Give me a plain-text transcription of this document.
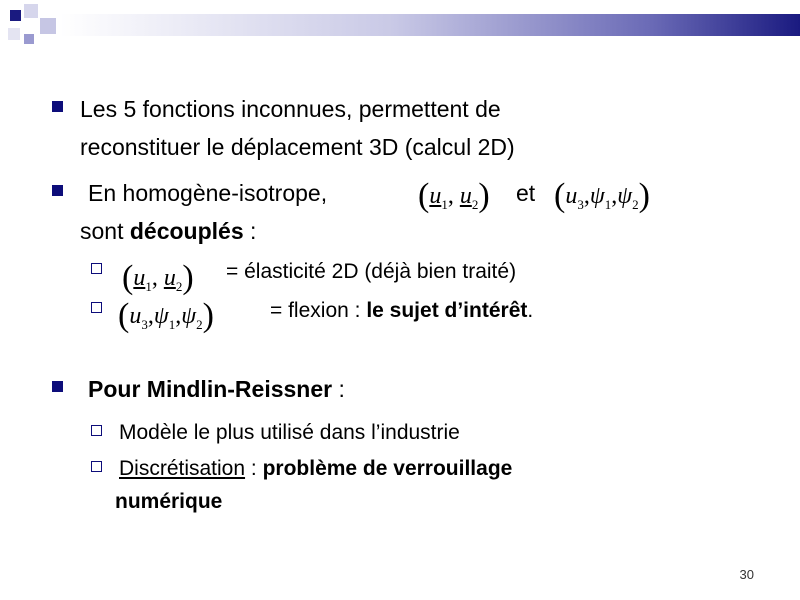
Les 5 fonctions inconnues, permettent de
reconstituer le déplacement 3D (calcul 2D)
En homogène-isotrope,	($u_1$, $u_2$) et $(u_3,\psi_1,\psi_2)$
sont découplés :
($u_1$, $u_2$) = élasticité 2D (déjà bien traité)
$(u_3,\psi_1,\psi_2)$	= flexion : le sujet d’intérêt.
Pour Mindlin-Reissner :
Modèle le plus utilisé dans l’industrie
Discrétisation : problème de verrouillage
numérique
30
